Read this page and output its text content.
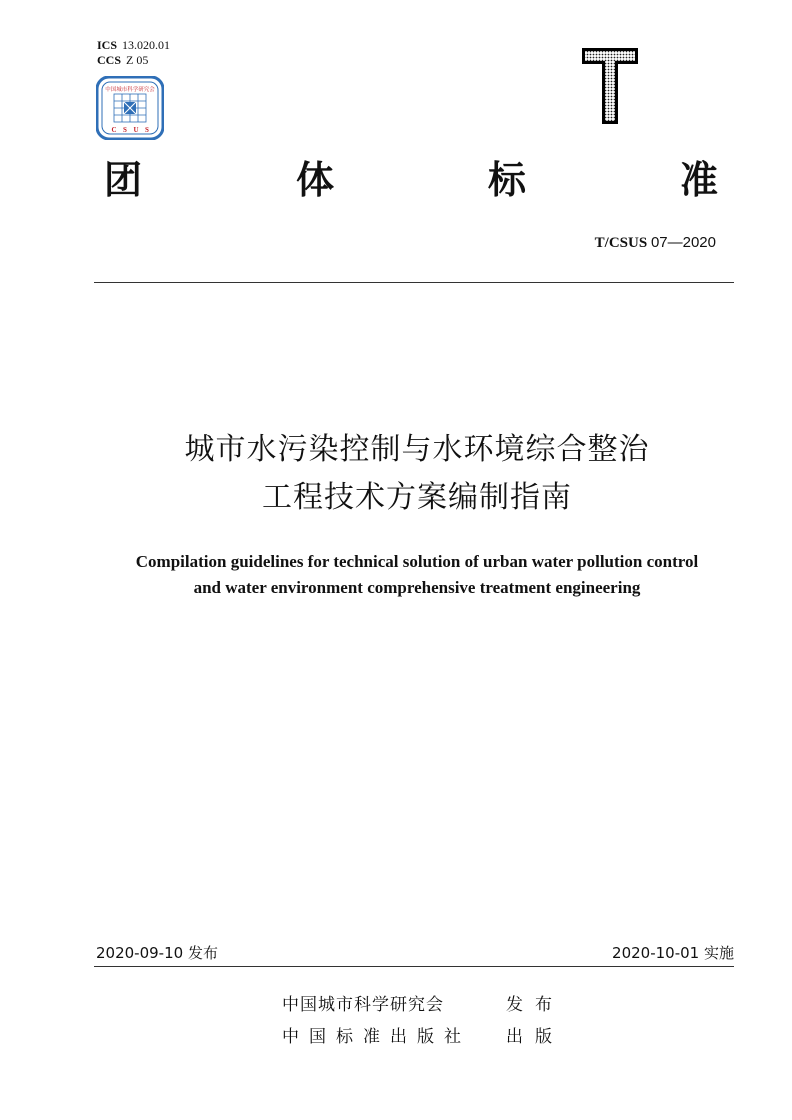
ICS 13.020.01
CCS Z 05
中国城市科学研究会
C S U S
T
团	体	标	准
T/CSUS 07—2020
城市水污染控制与水环境综合整治
工程技术方案编制指南
Compilation guidelines for technical solution of urban water pollution control
and water environment comprehensive treatment engineering
2020-09-10 发布	2020-10-01 实施
中国城市科学研究会	发布
中国标准出版社 出版
